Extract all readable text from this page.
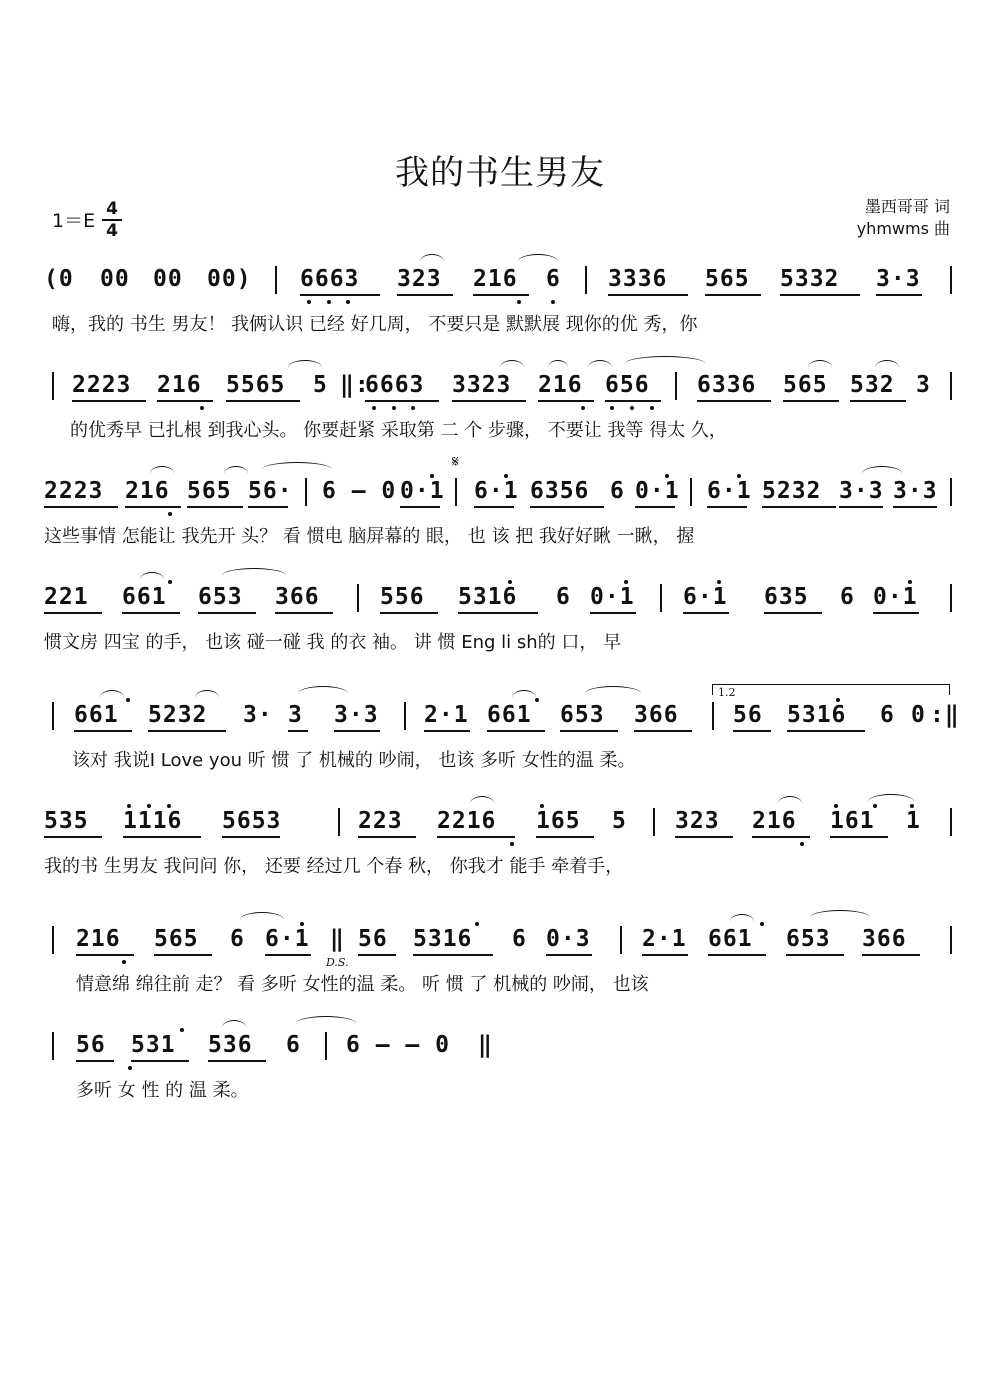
我的书生男友
1＝E
4
4
墨西哥哥 词
yhmwms 曲
(0 00 00 00) 6663 323 216 6 3336 565 5332 3·3
嗨，我的 书生 男友！ 我俩认识 已经 好几周， 不要只是 默默展 现你的优 秀，你
2223 216 5565 5 ‖:
6663 3323 216 656 6336 565 532 3
的优秀早 已扎根 到我心头。 你要赶紧 采取第 二 个 步骤， 不要让 我等 得太 久，
2223 216 565 56· 6 – 0 0·1 6·1 6356 6 0·1 6·1 5232 3·3 3·3
𝄋
这些事情 怎能让 我先开 头？ 看 惯电 脑屏幕的 眼， 也 该 把 我好好瞅 一瞅， 握
221 661 653 366	556 5316 6 0·1 6·1 635 6 0·1
惯文房 四宝 的手， 也该 碰一碰 我 的衣 袖。 讲 惯 Eng li sh的 口， 早
661 5232 3· 3 3·3 2·1 661 653 366 56 5316 6 0 :‖
1.2
该对 我说I Love you 听 惯 了 机械的 吵闹， 也该 多听 女性的温 柔。
535 1116 5653	223 2216 165 5 323 216 161 1
我的书 生男友 我问问 你， 还要 经过几 个春 秋， 你我才 能手 牵着手，
216 565 6 6·1 ‖ 56 5316 6 0·3 2·1 661 653 366
D.S.
情意绵 绵往前 走？ 看 多听 女性的温 柔。 听 惯 了 机械的 吵闹， 也该
56 531 536 6 6 – – 0 ‖
多听 女 性 的 温 柔。
